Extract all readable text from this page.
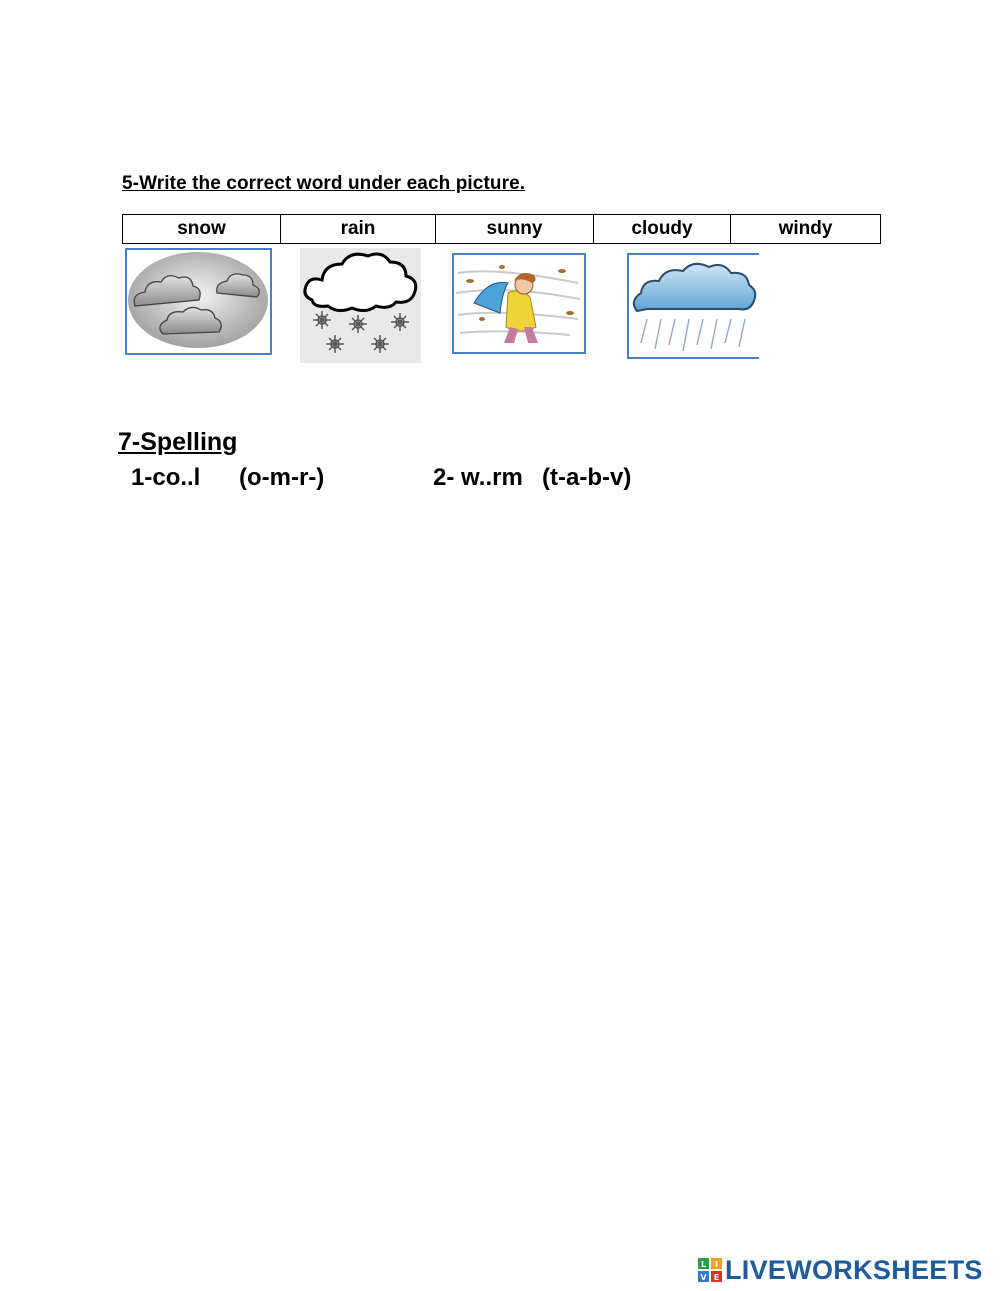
5-Write the correct word under each picture.
snow	rain	sunny	cloudy	windy
7-Spelling
1-co..l (o-m-r-)	2- w..rm (t-a-b-v)
L I
V E LIVEWORKSHEETS
